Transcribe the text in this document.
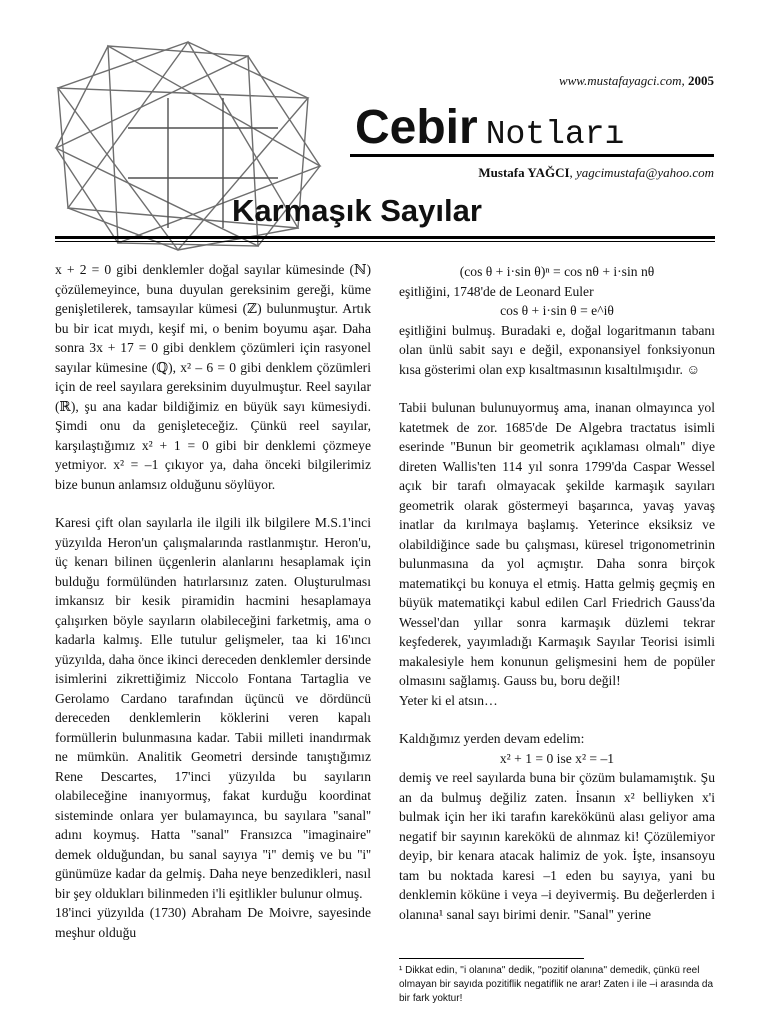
www.mustafayagci.com, 2005
Cebir Notları
Mustafa YAĞCI, yagcimustafa@yahoo.com
Karmaşık Sayılar

x + 2 = 0 gibi denklemler doğal sayılar kümesinde (ℕ) çözülemeyince, buna duyulan gereksinim gereği, küme genişletilerek, tamsayılar kümesi (ℤ) bulunmuştur. Artık bu bir icat mıydı, keşif mi, o benim boyumu aşar. Daha sonra 3x + 17 = 0 gibi denklem çözümleri için rasyonel sayılar kümesine (ℚ), x² – 6 = 0 gibi denklem çözümleri için de reel sayılara gereksinim duyulmuştur. Reel sayılar (ℝ), şu ana kadar bildiğimiz en büyük sayı kümesiydi. Şimdi onu da genişleteceğiz. Çünkü reel sayılar, karşılaştığımız x² + 1 = 0 gibi bir denklemi çözmeye yetmiyor. x² = –1 çıkıyor ya, daha önceki bilgilerimiz bize bunun anlamsız olduğunu söylüyor.

Karesi çift olan sayılarla ile ilgili ilk bilgilere M.S.1'inci yüzyılda Heron'un çalışmalarında rastlanmıştır. Heron'u, üç kenarı bilinen üçgenlerin alanlarını hesaplamak için bulduğu formülünden hatırlarsınız zaten. Oluşturulması imkansız bir kesik piramidin hacmini hesaplamaya çalışırken böyle sayıların olabileceğini farketmiş, ama o kadarla kalmış. Elle tutulur gelişmeler, taa ki 16'ıncı yüzyılda, daha önce ikinci dereceden denklemler dersinde isimlerini zikrettiğimiz Niccolo Fontana Tartaglia ve Gerolamo Cardano tarafından üçüncü ve dördüncü dereceden denklemlerin köklerini veren kapalı formüllerin bulunmasına kadar. Tabii milleti inandırmak ne mümkün. Analitik Geometri dersinde tanıştığımız Rene Descartes, 17'inci yüzyılda bu sayıların olabileceğine inanıyormuş, fakat kurduğu koordinat sisteminde onlara yer bulamayınca, bu sayılara ''sanal'' adını koymuş. Hatta ''sanal'' Fransızca ''imaginaire'' demek olduğundan, bu sanal sayıya ''i'' demiş ve bu ''i'' günümüze kadar da gelmiş. Daha neye benzedikleri, nasıl bir şey oldukları bilinmeden i'li eşitlikler bulunur olmuş.

18'inci yüzyılda (1730) Abraham De Moivre, sayesinde meşhur olduğu

(cos θ + i·sin θ)ⁿ = cos nθ + i·sin nθ

eşitliğini, 1748'de de Leonard Euler

cos θ + i·sin θ = e^iθ

eşitliğini bulmuş. Buradaki e, doğal logaritmanın tabanı olan ünlü sabit sayı e değil, exponansiyel fonksiyonun kısa gösterimi olan exp kısaltmasının kısaltılmışıdır. ☺

Tabii bulunan bulunuyormuş ama, inanan olmayınca yol katetmek de zor. 1685'de De Algebra tractatus isimli eserinde ''Bunun bir geometrik açıklaması olmalı'' diye direten Wallis'ten 114 yıl sonra 1799'da Caspar Wessel açık bir tarafı olmayacak şekilde karmaşık sayıları geometrik olarak göstermeyi başarınca, yavaş yavaş inatlar da kırılmaya başlamış. Yeterince eksiksiz ve olabildiğince sade bu çalışması, küresel trigonometrinin bulunmasına da yol açmıştır. Daha sonra birçok matematikçi bu konuya el etmiş. Hatta gelmiş geçmiş en büyük matematikçi kabul edilen Carl Friedrich Gauss'da Wessel'dan yıllar sonra karmaşık düzlemi tekrar keşfederek, yayımladığı Karmaşık Sayılar Teorisi isimli makalesiyle hem konunun gelişmesini hem de popüler olmasını sağlamış. Gauss bu, boru değil!

Yeter ki el atsın…

Kaldığımız yerden devam edelim:

x² + 1 = 0 ise x² = –1

demiş ve reel sayılarda buna bir çözüm bulamamıştık. Şu an da bulmuş değiliz zaten. İnsanın x² belliyken x'i bulmak için her iki tarafın karekökünü alası geliyor ama negatif bir sayının karekökü de alınmaz ki! Çözülemiyor deyip, bir kenara atacak halimiz de yok. İşte, insansoyu tam bu noktada karesi –1 eden bu sayıya, yani bu denklemin köküne i veya –i deyivermiş. Bu değerlerden i olanına¹ sanal sayı birimi denir. ''Sanal'' yerine

¹ Dikkat edin, ''i olanına'' dedik, ''pozitif olanına'' demedik, çünkü reel olmayan bir sayıda pozitiflik negatiflik ne arar! Zaten i ile –i arasında da bir fark yoktur!
